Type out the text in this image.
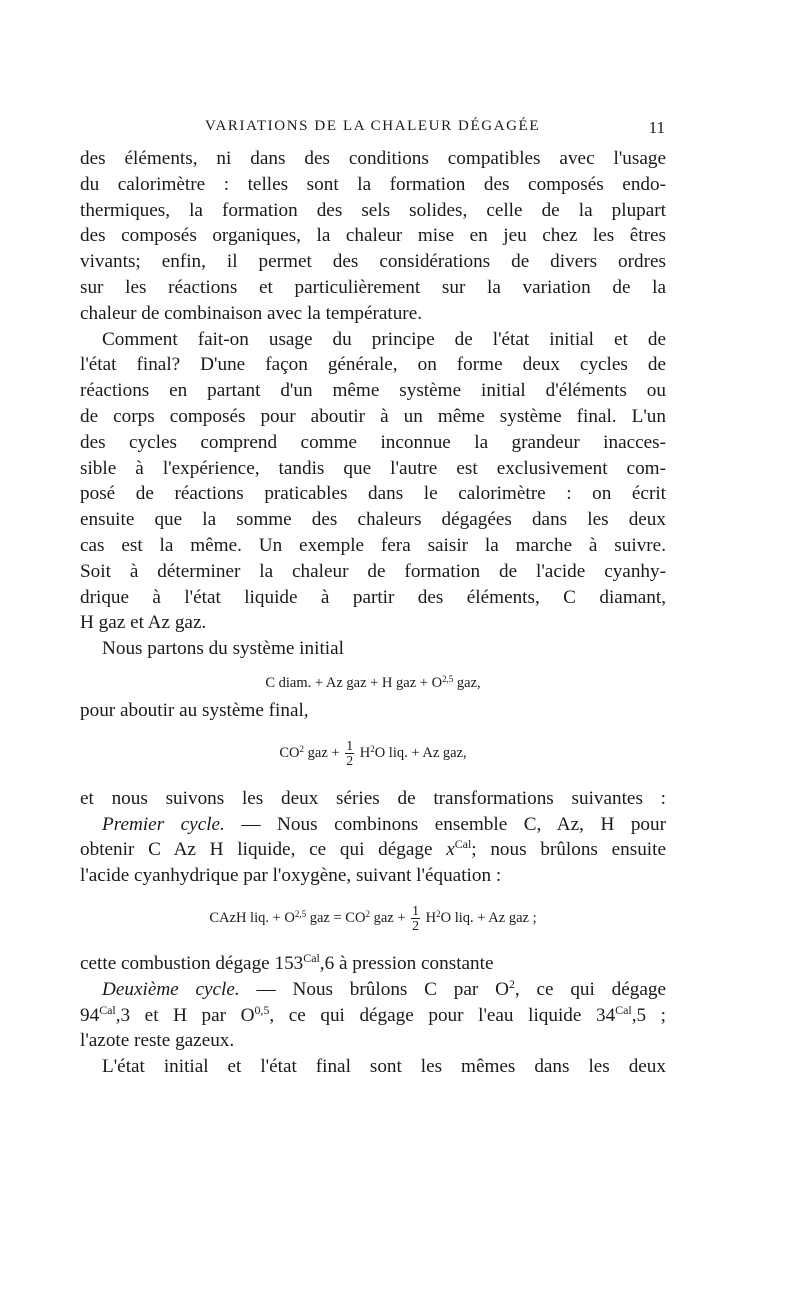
VARIATIONS DE LA CHALEUR DÉGAGÉE	11
des éléments, ni dans des conditions compatibles avec l'usage
du calorimètre : telles sont la formation des composés endo-
thermiques, la formation des sels solides, celle de la plupart
des composés organiques, la chaleur mise en jeu chez les êtres
vivants; enfin, il permet des considérations de divers ordres
sur les réactions et particulièrement sur la variation de la
chaleur de combinaison avec la température.
Comment fait-on usage du principe de l'état initial et de
l'état final? D'une façon générale, on forme deux cycles de
réactions en partant d'un même système initial d'éléments ou
de corps composés pour aboutir à un même système final. L'un
des cycles comprend comme inconnue la grandeur inacces-
sible à l'expérience, tandis que l'autre est exclusivement com-
posé de réactions praticables dans le calorimètre : on écrit
ensuite que la somme des chaleurs dégagées dans les deux
cas est la même. Un exemple fera saisir la marche à suivre.
Soit à déterminer la chaleur de formation de l'acide cyanhy-
drique à l'état liquide à partir des éléments, C diamant,
H gaz et Az gaz.
Nous partons du système initial
C diam. + Az gaz + H gaz + O$^{2,5}$ gaz,
pour aboutir au système final,
$CO^2$ gaz + $\frac{1}{2} H^2O$ liq. + Az gaz,
et nous suivons les deux séries de transformations suivantes :
Premier cycle. — Nous combinons ensemble C, Az, H pour
obtenir C Az H liquide, ce qui dégage $x^{Cal}$; nous brûlons ensuite
l'acide cyanhydrique par l'oxygène, suivant l'équation :
CAzH liq. + O$^{2,5}$ gaz = $CO^2$ gaz + $\frac{1}{2} H^2O$ liq. + Az gaz ;
cette combustion dégage $153^{Cal},6$ à pression constante
Deuxième cycle. — Nous brûlons C par $O^2$, ce qui dégage
$94^{Cal},3$ et H par O$^{0,5}$, ce qui dégage pour l'eau liquide $34^{Cal},5$ ;
l'azote reste gazeux.
L'état initial et l'état final sont les mêmes dans les deux
